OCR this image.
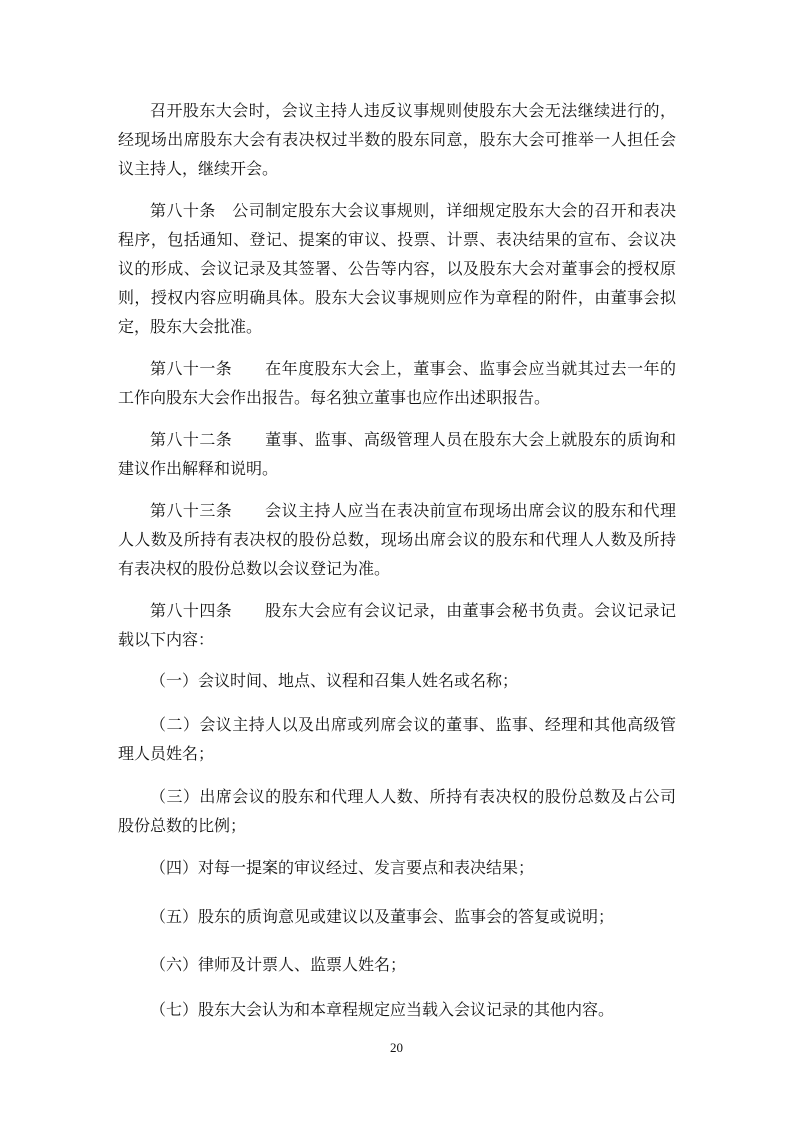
召开股东大会时，会议主持人违反议事规则使股东大会无法继续进行的，经现场出席股东大会有表决权过半数的股东同意，股东大会可推举一人担任会议主持人，继续开会。

第八十条　 公司制定股东大会议事规则，详细规定股东大会的召开和表决程序，包括通知、登记、提案的审议、投票、计票、表决结果的宣布、会议决议的形成、会议记录及其签署、公告等内容，以及股东大会对董事会的授权原则，授权内容应明确具体。股东大会议事规则应作为章程的附件，由董事会拟定，股东大会批准。

第八十一条　　 在年度股东大会上，董事会、监事会应当就其过去一年的工作向股东大会作出报告。每名独立董事也应作出述职报告。

第八十二条　　 董事、监事、高级管理人员在股东大会上就股东的质询和建议作出解释和说明。

第八十三条　　 会议主持人应当在表决前宣布现场出席会议的股东和代理人人数及所持有表决权的股份总数，现场出席会议的股东和代理人人数及所持有表决权的股份总数以会议登记为准。

第八十四条　　 股东大会应有会议记录，由董事会秘书负责。会议记录记载以下内容：

（一）会议时间、地点、议程和召集人姓名或名称；

（二）会议主持人以及出席或列席会议的董事、监事、经理和其他高级管理人员姓名；

（三）出席会议的股东和代理人人数、所持有表决权的股份总数及占公司股份总数的比例；

（四）对每一提案的审议经过、发言要点和表决结果；

（五）股东的质询意见或建议以及董事会、监事会的答复或说明；

（六）律师及计票人、监票人姓名；

（七）股东大会认为和本章程规定应当载入会议记录的其他内容。

20
